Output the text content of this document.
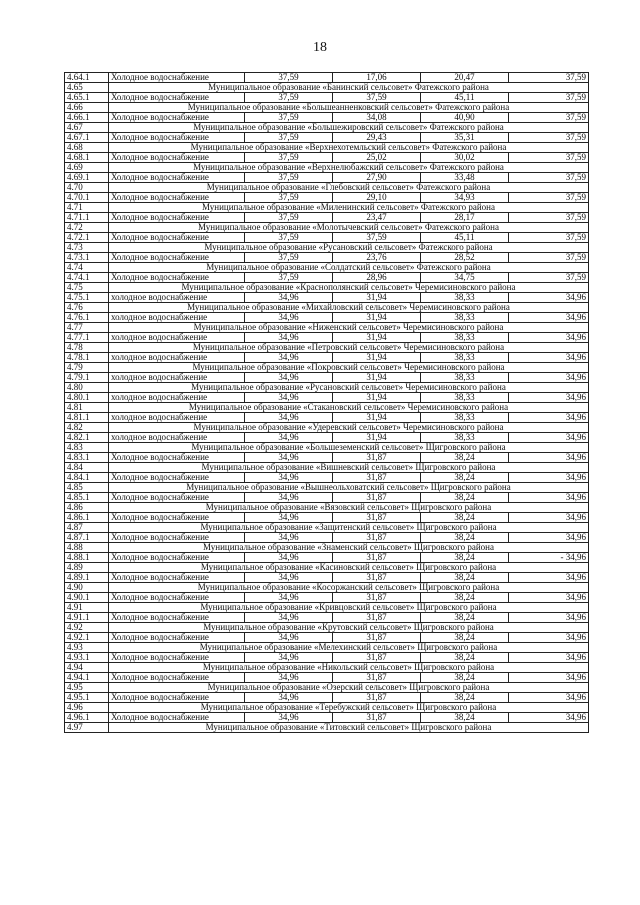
18
4.64.1	Холодное водоснабжение	37,59	17,06	20,47	37,59
4.65	Муниципальное образование «Банинский сельсовет» Фатежского района				
4.65.1	Холодное водоснабжение	37,59	37,59	45,11	37,59
4.66	Муниципальное образование «Большеанненковский сельсовет» Фатежского района				
4.66.1	Холодное водоснабжение	37,59	34,08	40,90	37,59
4.67	Муниципальное образование «Большежировский сельсовет» Фатежского района				
4.67.1	Холодное водоснабжение	37,59	29,43	35,31	37,59
4.68	Муниципальное образование «Верхнехотемльский сельсовет» Фатежского района				
4.68.1	Холодное водоснабжение	37,59	25,02	30,02	37,59
4.69	Муниципальное образование «Верхнелюбажский сельсовет» Фатежского района				
4.69.1	Холодное водоснабжение	37,59	27,90	33,48	37,59
4.70	Муниципальное образование «Глебовский сельсовет» Фатежского района				
4.70.1	Холодное водоснабжение	37,59	29,10	34,93	37,59
4.71	Муниципальное образование «Миленинский сельсовет» Фатежского района				
4.71.1	Холодное водоснабжение	37,59	23,47	28,17	37,59
4.72	Муниципальное образование «Молотычевский сельсовет» Фатежского района				
4.72.1	Холодное водоснабжение	37,59	37,59	45,11	37,59
4.73	Муниципальное образование «Русановский сельсовет» Фатежского района				
4.73.1	Холодное водоснабжение	37,59	23,76	28,52	37,59
4.74	Муниципальное образование «Солдатский сельсовет» Фатежского района				
4.74.1	Холодное водоснабжение	37,59	28,96	34,75	37,59
4.75	Муниципальное образование «Краснополянский сельсовет» Черемисиновского района				
4.75.1	холодное водоснабжение	34,96	31,94	38,33	34,96
4.76	Муниципальное образование «Михайловский сельсовет» Черемисиновского района				
4.76.1	холодное водоснабжение	34,96	31,94	38,33	34,96
4.77	Муниципальное образование «Ниженский сельсовет» Черемисиновского района				
4.77.1	холодное водоснабжение	34,96	31,94	38,33	34,96
4.78	Муниципальное образование «Петровский сельсовет» Черемисиновского района				
4.78.1	холодное водоснабжение	34,96	31,94	38,33	34,96
4.79	Муниципальное образование «Покровский сельсовет» Черемисиновского района				
4.79.1	холодное водоснабжение	34,96	31,94	38,33	34,96
4.80	Муниципальное образование «Русановский сельсовет» Черемисиновского района				
4.80.1	холодное водоснабжение	34,96	31,94	38,33	34,96
4.81	Муниципальное образование «Стакановский сельсовет» Черемисиновского района				
4.81.1	холодное водоснабжение	34,96	31,94	38,33	34,96
4.82	Муниципальное образование «Удеревский сельсовет» Черемисиновского района				
4.82.1	холодное водоснабжение	34,96	31,94	38,33	34,96
4.83	Муниципальное образование «Большеземенский сельсовет» Щигровского района				
4.83.1	Холодное водоснабжение	34,96	31,87	38,24	34,96
4.84	Муниципальное образование «Вишневский сельсовет» Щигровского района				
4.84.1	Холодное водоснабжение	34,96	31,87	38,24	34,96
4.85	Муниципальное образование «Вышнеольховатский сельсовет» Щигровского района				
4.85.1	Холодное водоснабжение	34,96	31,87	38,24	34,96
4.86	Муниципальное образование «Вязовский сельсовет» Щигровского района				
4.86.1	Холодное водоснабжение	34,96	31,87	38,24	34,96
4.87	Муниципальное образование «Защитенский сельсовет» Щигровского района				
4.87.1	Холодное водоснабжение	34,96	31,87	38,24	34,96
4.88	Муниципальное образование «Знаменский сельсовет» Щигровского района				
4.88.1	Холодное водоснабжение	34,96	31,87	38,24	- 34,96
4.89	Муниципальное образование «Касиновский сельсовет» Щигровского района				
4.89.1	Холодное водоснабжение	34,96	31,87	38,24	34,96
4.90	Муниципальное образование «Косоржанский сельсовет» Щигровского района				
4.90.1	Холодное водоснабжение	34,96	31,87	38,24	34,96
4.91	Муниципальное образование «Кривцовский сельсовет» Щигровского района				
4.91.1	Холодное водоснабжение	34,96	31,87	38,24	34,96
4.92	Муниципальное образование «Крутовский сельсовет» Щигровского района				
4.92.1	Холодное водоснабжение	34,96	31,87	38,24	34,96
4.93	Муниципальное образование «Мелехинский сельсовет» Щигровского района				
4.93.1	Холодное водоснабжение	34,96	31,87	38,24	34,96
4.94	Муниципальное образование «Никольский сельсовет» Щигровского района				
4.94.1	Холодное водоснабжение	34,96	31,87	38,24	34,96
4.95	Муниципальное образование «Озерский сельсовет» Щигровского района				
4.95.1	Холодное водоснабжение	34,96	31,87	38,24	34,96
4.96	Муниципальное образование «Теребужский сельсовет» Щигровского района				
4.96.1	Холодное водоснабжение	34,96	31,87	38,24	34,96
4.97	Муниципальное образование «Титовский сельсовет» Щигровского района				
